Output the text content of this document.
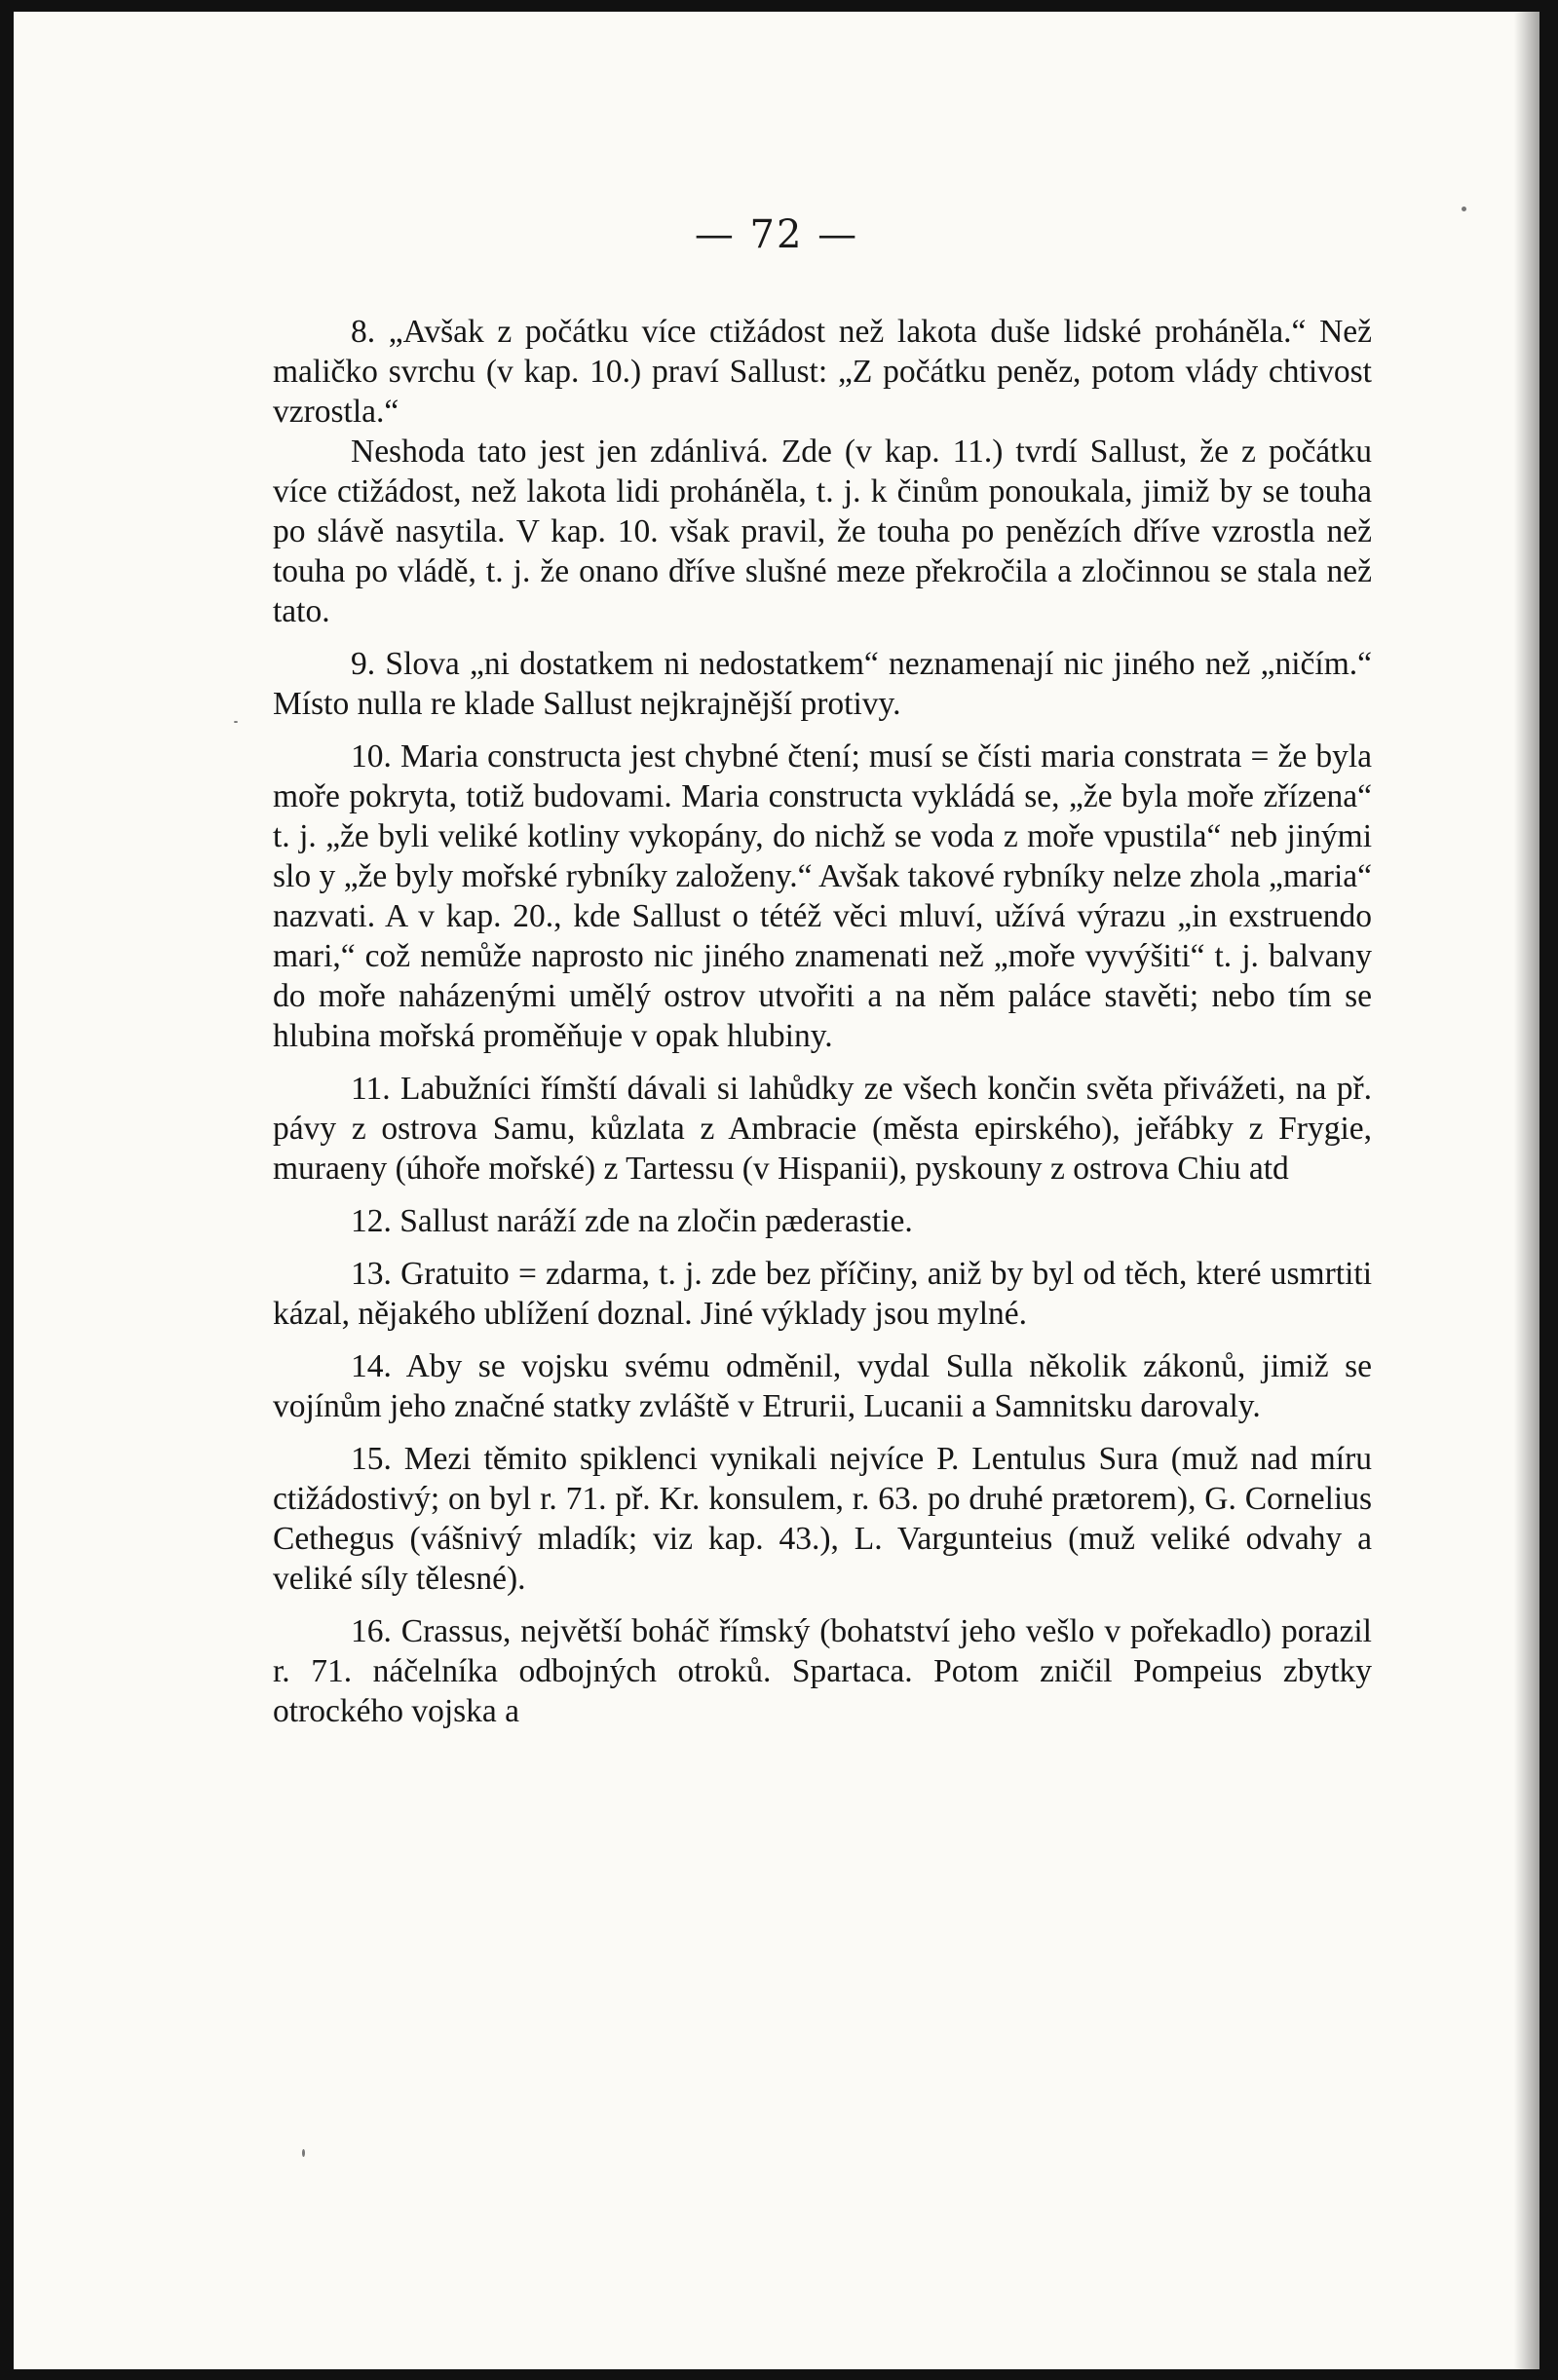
— 72 —

8. „Avšak z počátku více ctižádost než lakota duše lidské proháněla.“ Než maličko svrchu (v kap. 10.) praví Sallust: „Z počátku peněz, potom vlády chtivost vzrostla.“

Neshoda tato jest jen zdánlivá. Zde (v kap. 11.) tvrdí Sallust, že z počátku více ctižádost, než lakota lidi proháněla, t. j. k činům ponoukala, jimiž by se touha po slávě nasytila. V kap. 10. však pravil, že touha po penězích dříve vzrostla než touha po vládě, t. j. že onano dříve slušné meze překročila a zločinnou se stala než tato.

9. Slova „ni dostatkem ni nedostatkem“ neznamenají nic jiného než „ničím.“ Místo nulla re klade Sallust nejkrajnější protivy.

10. Maria constructa jest chybné čtení; musí se čísti maria constrata = že byla moře pokryta, totiž budovami. Maria constructa vykládá se, „že byla moře zřízena“ t. j. „že byli veliké kotliny vykopány, do nichž se voda z moře vpustila“ neb jinými slo y „že byly mořské rybníky založeny.“ Avšak takové rybníky nelze zhola „maria“ nazvati. A v kap. 20., kde Sallust o tétéž věci mluví, užívá výrazu „in exstruendo mari,“ což nemůže naprosto nic jiného znamenati než „moře vyvýšiti“ t. j. balvany do moře naházenými umělý ostrov utvořiti a na něm paláce stavěti; nebo tím se hlubina mořská proměňuje v opak hlubiny.

11. Labužníci římští dávali si lahůdky ze všech končin světa přivážeti, na př. pávy z ostrova Samu, kůzlata z Ambracie (města epirského), jeřábky z Frygie, muraeny (úhoře mořské) z Tartessu (v Hispanii), pyskouny z ostrova Chiu atd

12. Sallust naráží zde na zločin pæderastie.

13. Gratuito = zdarma, t. j. zde bez příčiny, aniž by byl od těch, které usmrtiti kázal, nějakého ublížení doznal. Jiné výklady jsou mylné.

14. Aby se vojsku svému odměnil, vydal Sulla několik zákonů, jimiž se vojínům jeho značné statky zvláště v Etrurii, Lucanii a Samnitsku darovaly.

15. Mezi těmito spiklenci vynikali nejvíce P. Lentulus Sura (muž nad míru ctižádostivý; on byl r. 71. př. Kr. konsulem, r. 63. po druhé prætorem), G. Cornelius Cethegus (vášnivý mladík; viz kap. 43.), L. Vargunteius (muž veliké odvahy a veliké síly tělesné).

16. Crassus, největší boháč římský (bohatství jeho vešlo v pořekadlo) porazil r. 71. náčelníka odbojných otroků. Spartaca. Potom zničil Pompeius zbytky otrockého vojska a
